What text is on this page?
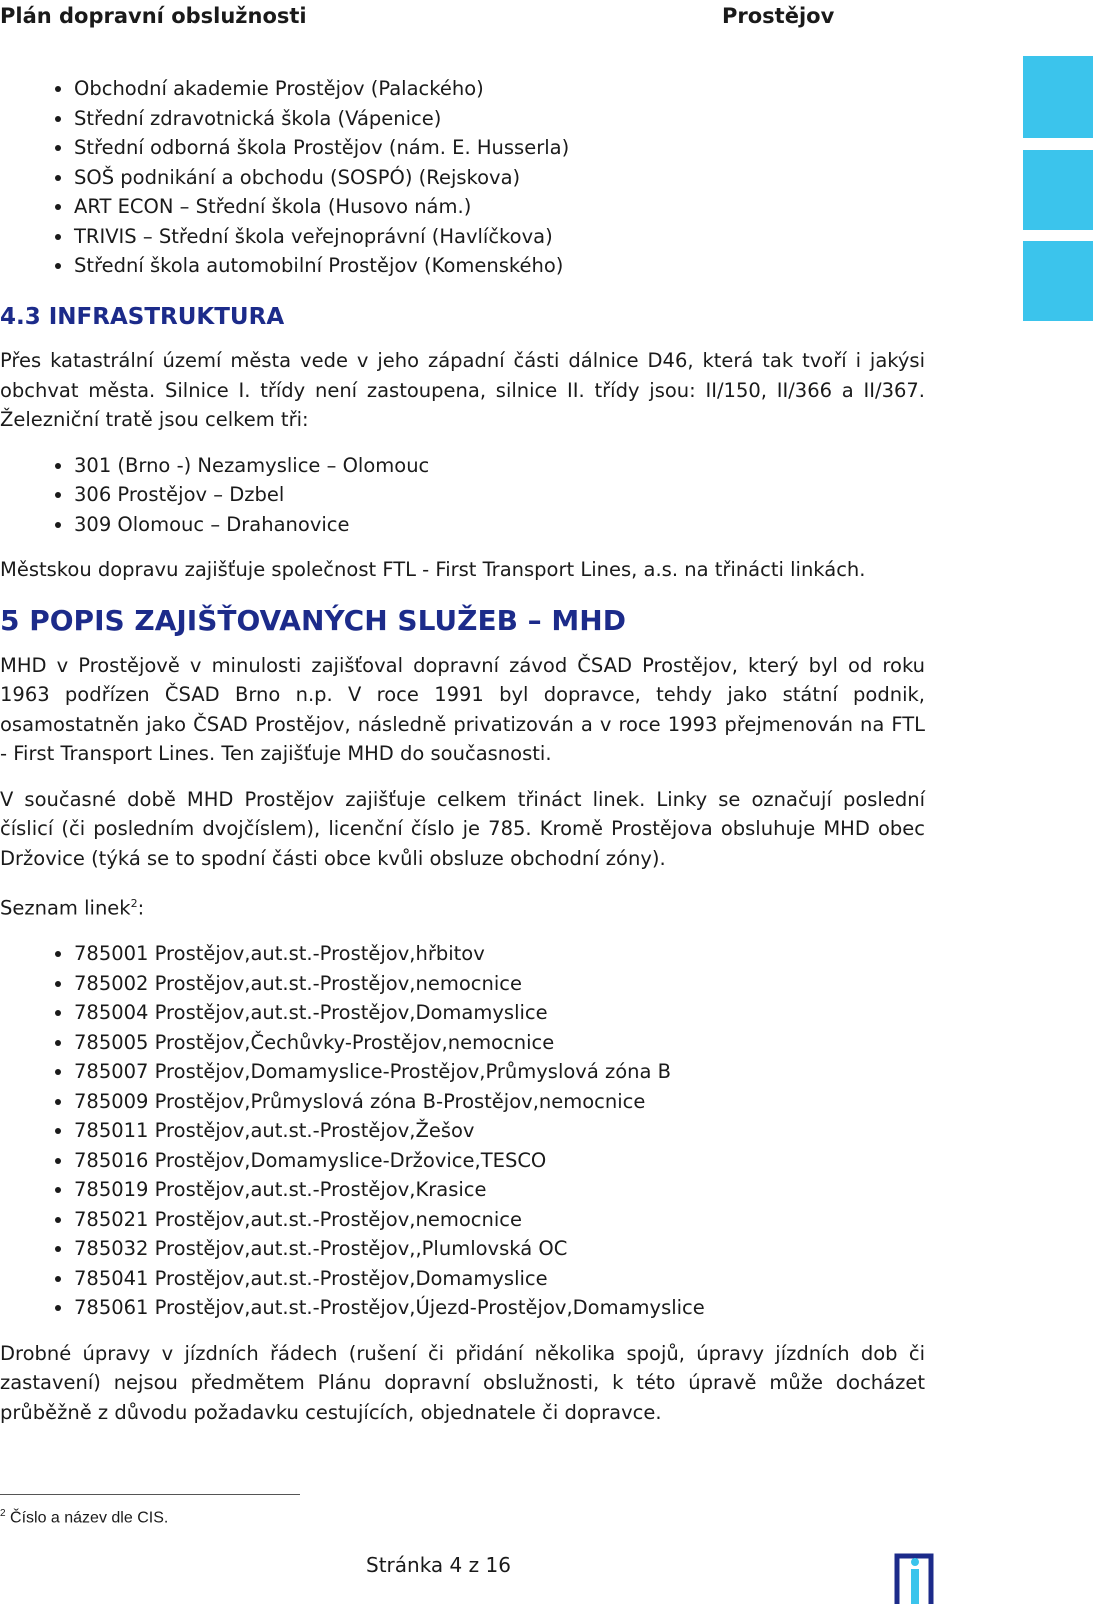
Plán dopravní obslužnosti	Prostějov
• Obchodní akademie Prostějov (Palackého)
• Střední zdravotnická škola (Vápenice)
• Střední odborná škola Prostějov (nám. E. Husserla)
• SOŠ podnikání a obchodu (SOSPÓ) (Rejskova)
• ART ECON – Střední škola (Husovo nám.)
• TRIVIS – Střední škola veřejnoprávní (Havlíčkova)
• Střední škola automobilní Prostějov (Komenského)
4.3 INFRASTRUKTURA

Přes katastrální území města vede v jeho západní části dálnice D46, která tak tvoří i jakýsi obchvat města. Silnice I. třídy není zastoupena, silnice II. třídy jsou: II/150, II/366 a II/367. Železniční tratě jsou celkem tři:

• 301 (Brno -) Nezamyslice – Olomouc
• 306 Prostějov – Dzbel
• 309 Olomouc – Drahanovice

Městskou dopravu zajišťuje společnost FTL - First Transport Lines, a.s. na třinácti linkách.

5 POPIS ZAJIŠŤOVANÝCH SLUŽEB – MHD

MHD v Prostějově v minulosti zajišťoval dopravní závod ČSAD Prostějov, který byl od roku 1963 podřízen ČSAD Brno n.p. V roce 1991 byl dopravce, tehdy jako státní podnik, osamostatněn jako ČSAD Prostějov, následně privatizován a v roce 1993 přejmenován na FTL - First Transport Lines. Ten zajišťuje MHD do současnosti.

V současné době MHD Prostějov zajišťuje celkem třináct linek. Linky se označují poslední číslicí (či posledním dvojčíslem), licenční číslo je 785. Kromě Prostějova obsluhuje MHD obec Držovice (týká se to spodní části obce kvůli obsluze obchodní zóny).

Seznam linek$^2$:

• 785001 Prostějov,aut.st.-Prostějov,hřbitov
• 785002 Prostějov,aut.st.-Prostějov,nemocnice
• 785004 Prostějov,aut.st.-Prostějov,Domamyslice
• 785005 Prostějov,Čechůvky-Prostějov,nemocnice
• 785007 Prostějov,Domamyslice-Prostějov,Průmyslová zóna B
• 785009 Prostějov,Průmyslová zóna B-Prostějov,nemocnice
• 785011 Prostějov,aut.st.-Prostějov,Žešov
• 785016 Prostějov,Domamyslice-Držovice,TESCO
• 785019 Prostějov,aut.st.-Prostějov,Krasice
• 785021 Prostějov,aut.st.-Prostějov,nemocnice
• 785032 Prostějov,aut.st.-Prostějov,,Plumlovská OC
• 785041 Prostějov,aut.st.-Prostějov,Domamyslice
• 785061 Prostějov,aut.st.-Prostějov,Újezd-Prostějov,Domamyslice

Drobné úpravy v jízdních řádech (rušení či přidání několika spojů, úpravy jízdních dob či zastavení) nejsou předmětem Plánu dopravní obslužnosti, k této úpravě může docházet průběžně z důvodu požadavku cestujících, objednatele či dopravce.

$^2$ Číslo a název dle CIS.
Stránka 4 z 16
